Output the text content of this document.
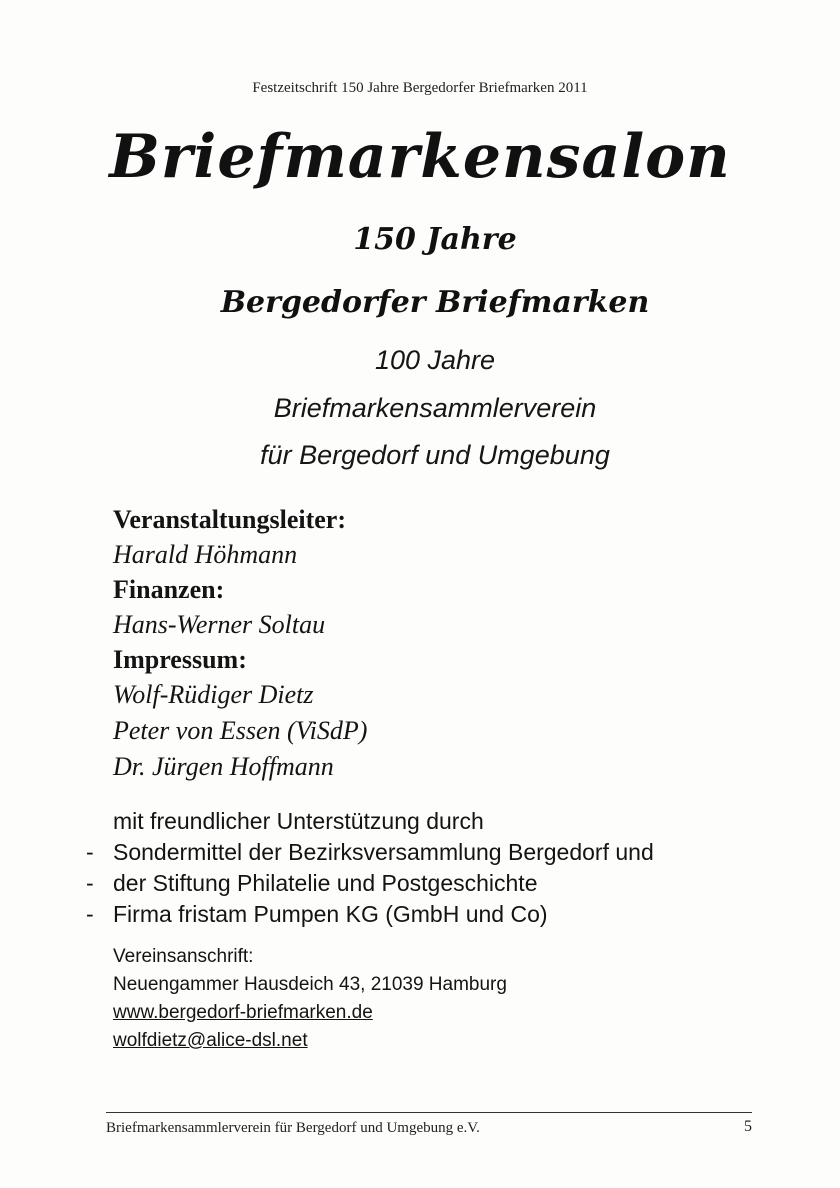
Festzeitschrift 150 Jahre Bergedorfer Briefmarken 2011
Briefmarkensalon
150 Jahre
Bergedorfer Briefmarken
100 Jahre
Briefmarkensammlerverein
für Bergedorf und Umgebung

Veranstaltungsleiter:

Harald Höhmann

Finanzen:

Hans-Werner Soltau

Impressum:

Wolf-Rüdiger Dietz

Peter von Essen (ViSdP)

Dr. Jürgen Hoffmann

mit freundlicher Unterstützung durch

- Sondermittel der Bezirksversammlung Bergedorf und

- der Stiftung Philatelie und Postgeschichte

- Firma fristam Pumpen KG (GmbH und Co)

Vereinsanschrift:

Neuengammer Hausdeich 43, 21039 Hamburg

www.bergedorf-briefmarken.de

wolfdietz@alice-dsl.net

Briefmarkensammlerverein für Bergedorf und Umgebung e.V.	5
